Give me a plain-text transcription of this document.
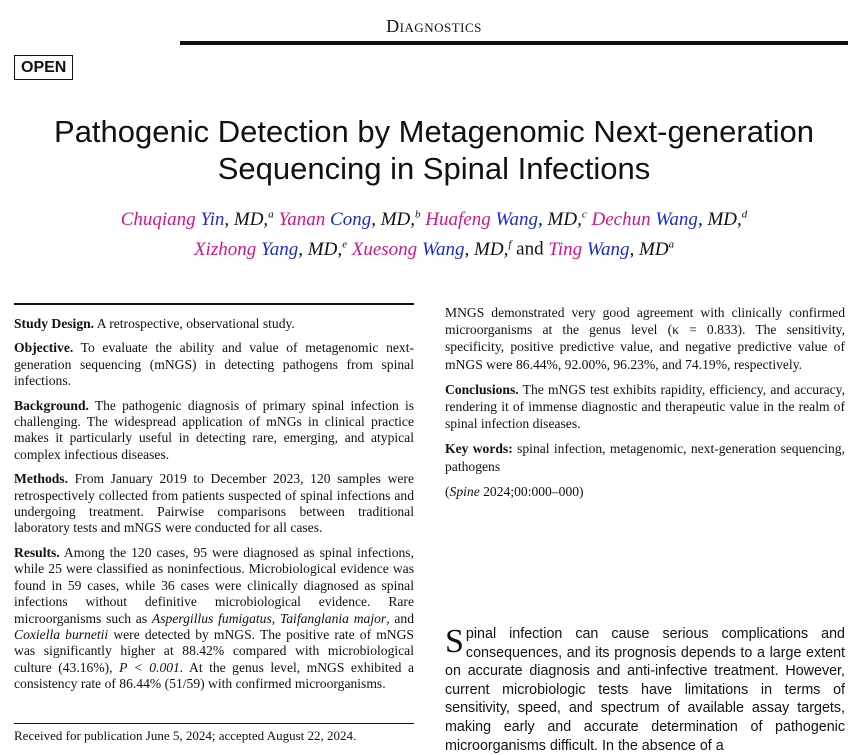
Diagnostics
OPEN
Pathogenic Detection by Metagenomic Next-generation
Sequencing in Spinal Infections
Chuqiang Yin, MD,$^a$ Yanan Cong, MD,$^b$ Huafeng Wang, MD,$^c$ Dechun Wang, MD,$^d$
Xizhong Yang, MD,$^e$ Xuesong Wang, MD,$^f$ and Ting Wang, $MD^a$

Study Design. A retrospective, observational study.

Objective. To evaluate the ability and value of metagenomic next-generation sequencing (mNGS) in detecting pathogens from spinal infections.

Background. The pathogenic diagnosis of primary spinal infection is challenging. The widespread application of mNGs in clinical practice makes it particularly useful in detecting rare, emerging, and atypical complex infectious diseases.

Methods. From January 2019 to December 2023, 120 samples were retrospectively collected from patients suspected of spinal infections and undergoing treatment. Pairwise comparisons between traditional laboratory tests and mNGS were conducted for all cases.

Results. Among the 120 cases, 95 were diagnosed as spinal infections, while 25 were classified as noninfectious. Microbiological evidence was found in 59 cases, while 36 cases were clinically diagnosed as spinal infections without definitive microbiological evidence. Rare microorganisms such as Aspergillus fumigatus, Taifanglania major, and Coxiella burnetii were detected by mNGS. The positive rate of mNGS was significantly higher at 88.42% compared with microbiological culture (43.16%), P < 0.001. At the genus level, mNGS exhibited a consistency rate of 86.44% (51/59) with confirmed microorganisms.

MNGS demonstrated very good agreement with clinically confirmed microorganisms at the genus level (κ = 0.833). The sensitivity, specificity, positive predictive value, and negative predictive value of mNGS were 86.44%, 92.00%, 96.23%, and 74.19%, respectively.

Conclusions. The mNGS test exhibits rapidity, efficiency, and accuracy, rendering it of immense diagnostic and therapeutic value in the realm of spinal infection diseases.

Key words: spinal infection, metagenomic, next-generation sequencing, pathogens

(Spine 2024;00:000–000)

Received for publication June 5, 2024; accepted August 22, 2024.
Spinal infection can cause serious complications and consequences, and its prognosis depends to a large extent on accurate diagnosis and anti-infective treatment. However, current microbiologic tests have limitations in terms of sensitivity, speed, and spectrum of available assay targets, making early and accurate determination of pathogenic microorganisms difficult. In the absence of a
